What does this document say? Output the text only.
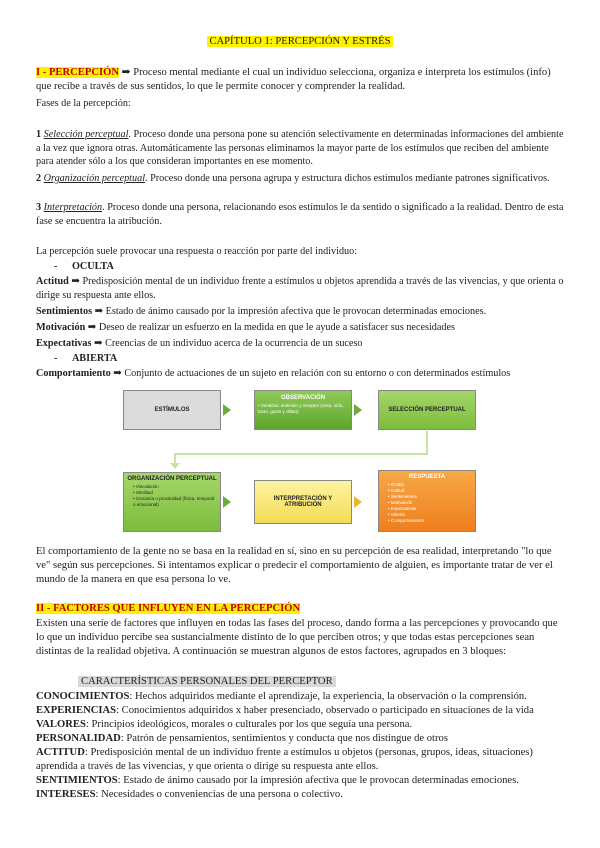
CAPÍTULO 1: PERCEPCIÓN Y ESTRÉS
I - PERCEPCIÓN ➡ Proceso mental mediante el cual un individuo selecciona, organiza e interpreta los estímulos (info) que recibe a través de sus sentidos, lo que le permite conocer y comprender la realidad.
Fases de la percepción:
1 Selección perceptual. Proceso donde una persona pone su atención selectivamente en determinadas informaciones del ambiente a la vez que ignora otras. Automáticamente las personas eliminamos la mayor parte de los estímulos que reciben del ambiente para atender sólo a los que consideran importantes en ese momento.
2 Organización perceptual. Proceso donde una persona agrupa y estructura dichos estímulos mediante patrones significativos.
3 Interpretación. Proceso donde una persona, relacionando esos estímulos le da sentido o significado a la realidad. Dentro de esta fase se encuentra la atribución.
La percepción suele provocar una respuesta o reacción por parte del individuo:
- OCULTA
Actitud ➡ Predisposición mental de un individuo frente a estímulos u objetos aprendida a través de las vivencias, y que orienta o dirige su respuesta ante ellos.
Sentimientos ➡ Estado de ánimo causado por la impresión afectiva que le provocan determinadas emociones.
Motivación ➡ Deseo de realizar un esfuerzo en la medida en que le ayude a satisfacer sus necesidades
Expectativas ➡ Creencias de un individuo acerca de la ocurrencia de un suceso
- ABIERTA
Comportamiento ➡ Conjunto de actuaciones de un sujeto en relación con su entorno o con determinados estímulos
ESTÍMULOS
OBSERVACIÓN
• Sentidos: estímulo y receptor (vista, oído, tacto, gusto y olfato)	SELECCIÓN PERCEPTUAL
ORGANIZACIÓN PERCEPTUAL
• Vinculación
• Similitud
• Cercanía o proximidad (física, temporal o emocional)
INTERPRETACIÓN Y ATRIBUCIÓN
RESPUESTA
• Oculta
• Actitud
• Sentimientos
• Motivación
• Expectativas
• Abierta
• Comportamiento
El comportamiento de la gente no se basa en la realidad en sí, sino en su percepción de esa realidad, interpretando "lo que ve" según sus percepciones. Si intentamos explicar o predecir el comportamiento de alguien, es importante tratar de ver el mundo de la manera en que esa persona lo ve.
II - FACTORES QUE INFLUYEN EN LA PERCEPCIÓN
Existen una serie de factores que influyen en todas las fases del proceso, dando forma a las percepciones y provocando que lo que un individuo percibe sea sustancialmente distinto de lo que perciben otros; y que todas estas percepciones sean distintas de la realidad objetiva. A continuación se muestran algunos de estos factores, agrupados en 3 bloques:
CARACTERÍSTICAS PERSONALES DEL PERCEPTOR
CONOCIMIENTOS: Hechos adquiridos mediante el aprendizaje, la experiencia, la observación o la comprensión.
EXPERIENCIAS: Conocimientos adquiridos x haber presenciado, observado o participado en situaciones de la vida
VALORES: Principios ideológicos, morales o culturales por los que seguía una persona.
PERSONALIDAD: Patrón de pensamientos, sentimientos y conducta que nos distingue de otros
ACTITUD: Predisposición mental de un individuo frente a estímulos u objetos (personas, grupos, ideas, situaciones) aprendida a través de las vivencias, y que orienta o dirige su respuesta ante ellos.
SENTIMIENTOS: Estado de ánimo causado por la impresión afectiva que le provocan determinadas emociones.
INTERESES: Necesidades o conveniencias de una persona o colectivo.
